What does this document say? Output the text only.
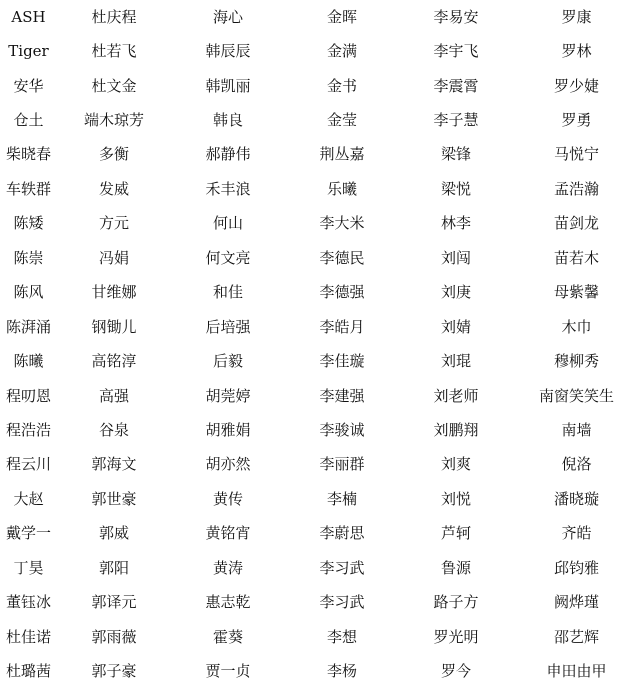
ASH	杜庆程	海心	金晖	李易安	罗康
Tiger	杜若飞	韩辰辰	金满	李宇飞	罗林
安华	杜文金	韩凯丽	金书	李震霄	罗少婕
仓土	端木琼芳	韩良	金莹	李子慧	罗勇
柴晓春	多衡	郝静伟	荆丛嘉	梁锋	马悦宁
车轶群	发威	禾丰浪	乐曦	梁悦	孟浩瀚
陈矮	方元	何山	李大米	林李	苗剑龙
陈崇	冯娟	何文亮	李德民	刘闯	苗若木
陈风	甘维娜	和佳	李德强	刘庚	母紫馨
陈湃涌	钢锄儿	后培强	李皓月	刘婧	木巾
陈曦	高铭淳	后毅	李佳璇	刘琨	穆柳秀
程叨恩	高强	胡莞婷	李建强	刘老师	南窗笑笑生
程浩浩	谷泉	胡雅娟	李骏诚	刘鹏翔	南墙
程云川	郭海文	胡亦然	李丽群	刘爽	倪洛
大赵	郭世豪	黄传	李楠	刘悦	潘晓璇
戴学一	郭威	黄铭宵	李蔚思	芦轲	齐皓
丁昊	郭阳	黄涛	李习武	鲁源	邱钧雅
董钰冰	郭译元	惠志乾	李习武	路子方	阙烨瑾
杜佳诺	郭雨薇	霍葵	李想	罗光明	邵艺辉
杜璐茜	郭子豪	贾一贞	李杨	罗今	申田由甲
